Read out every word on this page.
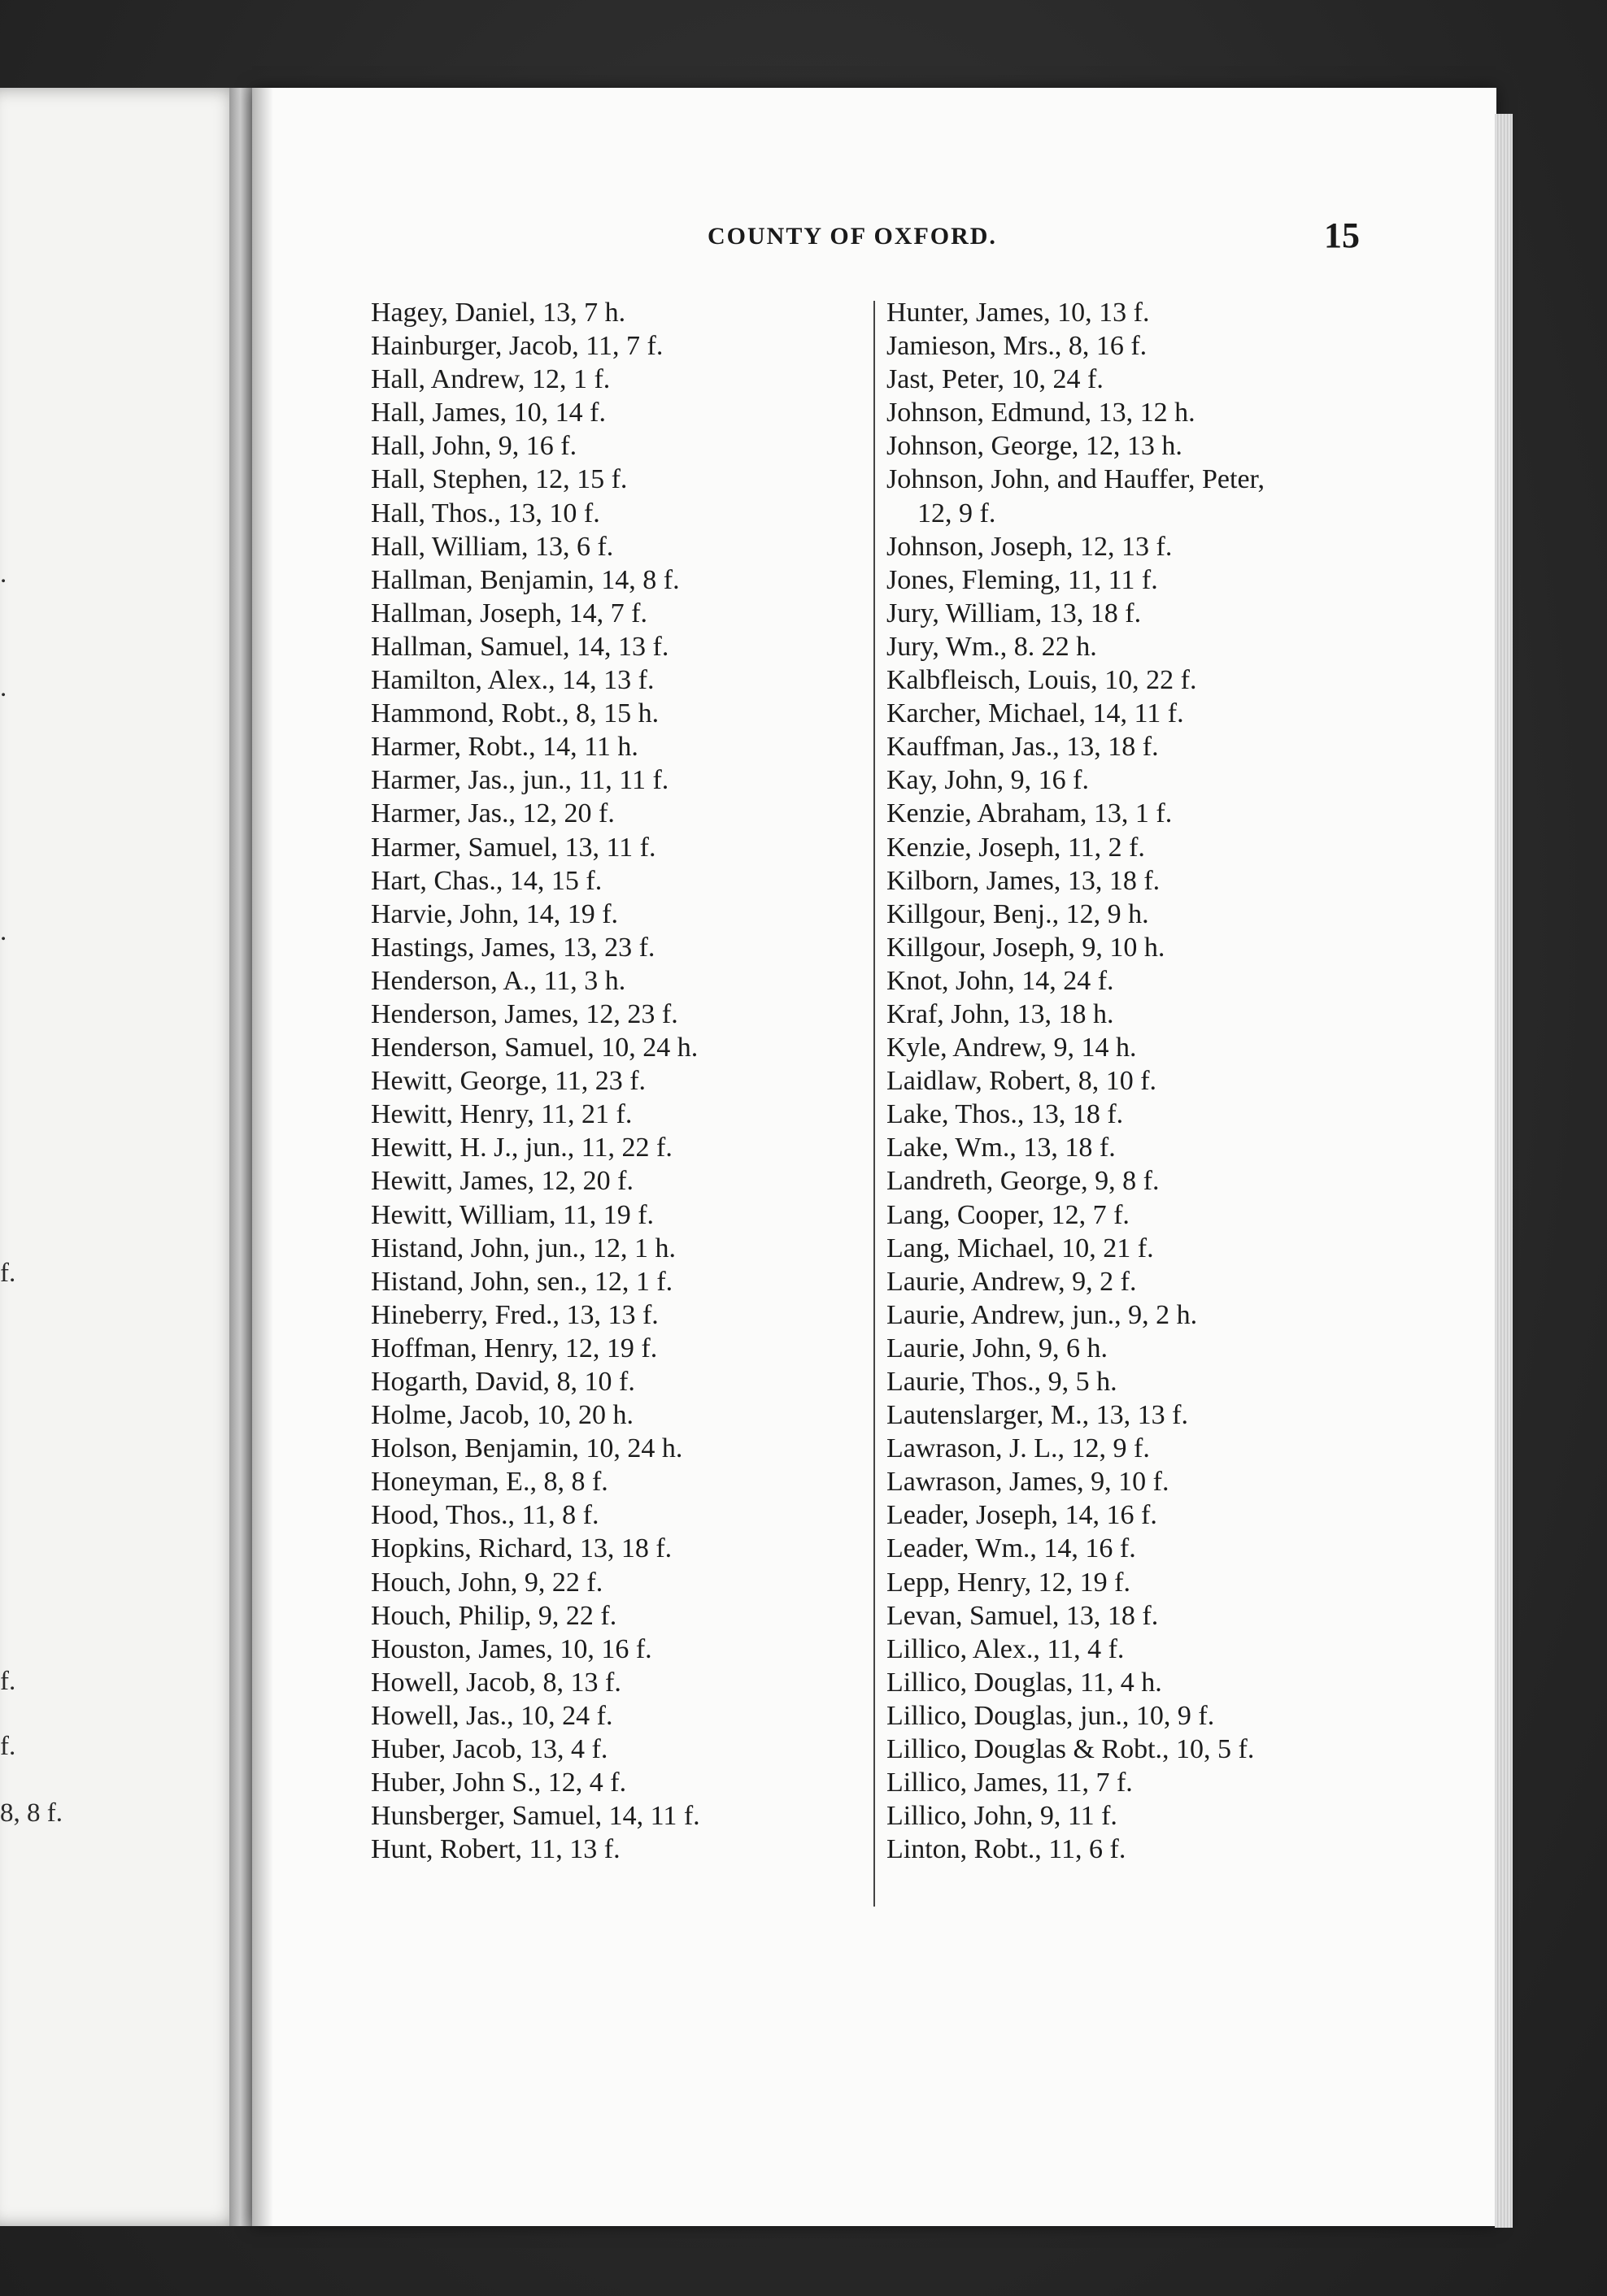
.
.
.
f.
f.
f.
8, 8 f.
COUNTY OF OXFORD.	15
Hagey, Daniel, 13, 7 h.
Hainburger, Jacob, 11, 7 f.
Hall, Andrew, 12, 1 f.
Hall, James, 10, 14 f.
Hall, John, 9, 16 f.
Hall, Stephen, 12, 15 f.
Hall, Thos., 13, 10 f.
Hall, William, 13, 6 f.
Hallman, Benjamin, 14, 8 f.
Hallman, Joseph, 14, 7 f.
Hallman, Samuel, 14, 13 f.
Hamilton, Alex., 14, 13 f.
Hammond, Robt., 8, 15 h.
Harmer, Robt., 14, 11 h.
Harmer, Jas., jun., 11, 11 f.
Harmer, Jas., 12, 20 f.
Harmer, Samuel, 13, 11 f.
Hart, Chas., 14, 15 f.
Harvie, John, 14, 19 f.
Hastings, James, 13, 23 f.
Henderson, A., 11, 3 h.
Henderson, James, 12, 23 f.
Henderson, Samuel, 10, 24 h.
Hewitt, George, 11, 23 f.
Hewitt, Henry, 11, 21 f.
Hewitt, H. J., jun., 11, 22 f.
Hewitt, James, 12, 20 f.
Hewitt, William, 11, 19 f.
Histand, John, jun., 12, 1 h.
Histand, John, sen., 12, 1 f.
Hineberry, Fred., 13, 13 f.
Hoffman, Henry, 12, 19 f.
Hogarth, David, 8, 10 f.
Holme, Jacob, 10, 20 h.
Holson, Benjamin, 10, 24 h.
Honeyman, E., 8, 8 f.
Hood, Thos., 11, 8 f.
Hopkins, Richard, 13, 18 f.
Houch, John, 9, 22 f.
Houch, Philip, 9, 22 f.
Houston, James, 10, 16 f.
Howell, Jacob, 8, 13 f.
Howell, Jas., 10, 24 f.
Huber, Jacob, 13, 4 f.
Huber, John S., 12, 4 f.
Hunsberger, Samuel, 14, 11 f.
Hunt, Robert, 11, 13 f.
Hunter, James, 10, 13 f.
Jamieson, Mrs., 8, 16 f.
Jast, Peter, 10, 24 f.
Johnson, Edmund, 13, 12 h.
Johnson, George, 12, 13 h.
Johnson, John, and Hauffer, Peter,
12, 9 f.
Johnson, Joseph, 12, 13 f.
Jones, Fleming, 11, 11 f.
Jury, William, 13, 18 f.
Jury, Wm., 8. 22 h.
Kalbfleisch, Louis, 10, 22 f.
Karcher, Michael, 14, 11 f.
Kauffman, Jas., 13, 18 f.
Kay, John, 9, 16 f.
Kenzie, Abraham, 13, 1 f.
Kenzie, Joseph, 11, 2 f.
Kilborn, James, 13, 18 f.
Killgour, Benj., 12, 9 h.
Killgour, Joseph, 9, 10 h.
Knot, John, 14, 24 f.
Kraf, John, 13, 18 h.
Kyle, Andrew, 9, 14 h.
Laidlaw, Robert, 8, 10 f.
Lake, Thos., 13, 18 f.
Lake, Wm., 13, 18 f.
Landreth, George, 9, 8 f.
Lang, Cooper, 12, 7 f.
Lang, Michael, 10, 21 f.
Laurie, Andrew, 9, 2 f.
Laurie, Andrew, jun., 9, 2 h.
Laurie, John, 9, 6 h.
Laurie, Thos., 9, 5 h.
Lautenslarger, M., 13, 13 f.
Lawrason, J. L., 12, 9 f.
Lawrason, James, 9, 10 f.
Leader, Joseph, 14, 16 f.
Leader, Wm., 14, 16 f.
Lepp, Henry, 12, 19 f.
Levan, Samuel, 13, 18 f.
Lillico, Alex., 11, 4 f.
Lillico, Douglas, 11, 4 h.
Lillico, Douglas, jun., 10, 9 f.
Lillico, Douglas & Robt., 10, 5 f.
Lillico, James, 11, 7 f.
Lillico, John, 9, 11 f.
Linton, Robt., 11, 6 f.
